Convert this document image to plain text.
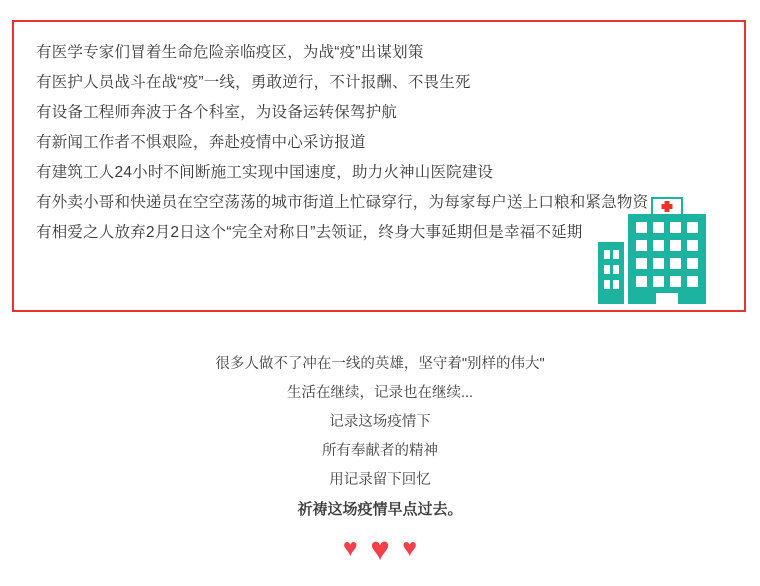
有医学专家们冒着生命危险亲临疫区，为战“疫”出谋划策
有医护人员战斗在战“疫”一线，勇敢逆行，不计报酬、不畏生死
有设备工程师奔波于各个科室，为设备运转保驾护航
有新闻工作者不惧艰险，奔赴疫情中心采访报道
有建筑工人24小时不间断施工实现中国速度，助力火神山医院建设
有外卖小哥和快递员在空空荡荡的城市街道上忙碌穿行，为每家每户送上口粮和紧急物资
有相爱之人放弃2月2日这个“完全对称日”去领证，终身大事延期但是幸福不延期

很多人做不了冲在一线的英雄，坚守着"别样的伟大"

生活在继续，记录也在继续...

记录这场疫情下

所有奉献者的精神

用记录留下回忆

祈祷这场疫情早点过去。

♥ ♥ ♥
